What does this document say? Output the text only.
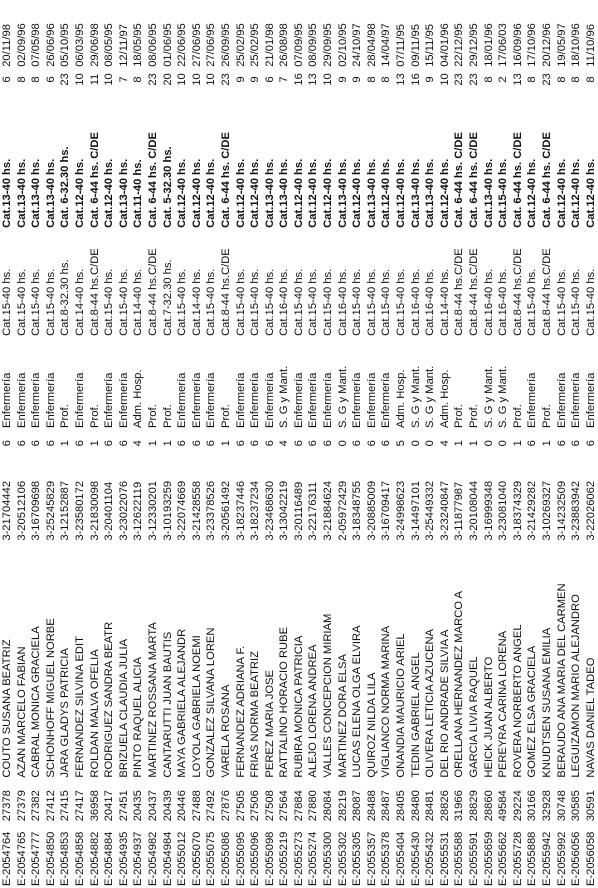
E-20	54764	27378	COUTO SUSANA BEATRIZ	3-21704442	6	Enfermería	Cat.15-40 hs.	Cat.13-40 hs.	6	20/11/98
E-20	54765	27379	AZAN MARCELO FABIAN	3-20512106	6	Enfermería	Cat.15-40 hs.	Cat.13-40 hs.	8	02/09/96
E-20	54777	27382	CABRAL MONICA GRACIELA	3-16709698	6	Enfermería	Cat.15-40 hs.	Cat.13-40 hs.	8	07/05/98
E-20	54850	27412	SCHONHOFF MIGUEL NORBE	3-25245829	6	Enfermería	Cat.15-40 hs.	Cat.13-40 hs.	6	26/06/96
E-20	54853	27415	JARA GLADYS PATRICIA	3-12152887	1	Prof.	Cat.8-32.30 hs.	Cat. 6-32.30 hs.	23	05/10/95
E-20	54858	27417	FERNANDEZ SILVINA EDIT	3-23580172	6	Enfermería	Cat.14-40 hs.	Cat.12-40 hs.	10	06/03/95
E-20	54882	36958	ROLDAN MALVA OFELIA	3-21830098	1	Prof.	Cat.8-44 hs.C/DE	Cat. 6-44 hs. C/DE	11	29/06/98
E-20	54884	20417	RODRIGUEZ SANDRA BEATR	3-20401104	6	Enfermería	Cat.15-40 hs.	Cat.12-40 hs.	10	08/05/95
E-20	54935	27451	BRIZUELA CLAUDIA JULIA	3-23022076	6	Enfermería	Cat.15-40 hs.	Cat.13-40 hs.	7	12/11/97
E-20	54937	20435	PINTO RAQUEL ALICIA	3-12622119	4	Adm. Hosp.	Cat.14-40 hs.	Cat.11-40 hs.	8	18/05/95
E-20	54982	20437	MARTINEZ ROSSANA MARTA	3-12330201	1	Prof.	Cat.8-44 hs.C/DE	Cat. 6-44 hs. C/DE	23	08/06/95
E-20	54984	20439	CANTARUTTI JUAN BAUTIS	3-10193259	1	Prof.	Cat.7-32.30 hs.	Cat. 5-32.30 hs.	20	01/06/95
E-20	55012	20446	MAYA GABRIELA ALEJANDR	3-22074669	6	Enfermería	Cat.15-40 hs.	Cat.12-40 hs.	10	22/06/95
E-20	55070	27488	LOYOLA GABRIELA NOEMI	3-21428558	6	Enfermería	Cat.14-40 hs.	Cat.12-40 hs.	10	27/06/95
E-20	55075	27492	GONZALEZ SILVANA LOREN	3-23378526	6	Enfermería	Cat.15-40 hs.	Cat.12-40 hs.	10	27/06/95
E-20	55086	27876	VARELA ROSANA	3-20561492	1	Prof.	Cat.8-44 hs.C/DE	Cat. 6-44 hs. C/DE	23	26/09/95
E-20	55095	27505	FERNANDEZ ADRIANA F.	3-18237446	6	Enfermería	Cat.15-40 hs.	Cat.12-40 hs.	9	25/02/95
E-20	55096	27506	FRIAS NORMA BEATRIZ	3-18237234	6	Enfermería	Cat.15-40 hs.	Cat.12-40 hs.	9	25/02/95
E-20	55098	27508	PEREZ MARIA JOSE	3-23468630	6	Enfermería	Cat.15-40 hs.	Cat.13-40 hs.	6	21/01/98
E-20	55219	27564	RATTALINO HORACIO RUBE	3-13042219	4	S. G y Mant.	Cat.16-40 hs.	Cat.13-40 hs.	7	26/08/98
E-20	55273	27884	RUBIRA MONICA PATRICIA	3-20116489	6	Enfermería	Cat.15-40 hs.	Cat.12-40 hs.	16	07/09/95
E-20	55274	27880	ALEJO LORENA ANDREA	3-22176311	6	Enfermería	Cat.15-40 hs.	Cat.12-40 hs.	13	08/09/95
E-20	55300	28084	VALLES CONCEPCION MIRIAM	3-21884624	6	Enfermería	Cat.15-40 hs.	Cat.12-40 hs.	10	29/09/95
E-20	55302	28219	MARTINEZ DORA ELSA	2-05972429	0	S. G y Mant.	Cat.16-40 hs.	Cat.13-40 hs.	9	02/10/95
E-20	55305	28087	LUCAS ELENA OLGA ELVIRA	3-18348755	6	Enfermería	Cat.15-40 hs.	Cat.12-40 hs.	9	24/10/97
E-20	55357	28488	QUIROZ NILDA LILA	3-20885009	6	Enfermería	Cat.15-40 hs.	Cat.13-40 hs.	8	28/04/98
E-20	55378	28487	VIGLIANCO NORMA MARINA	3-16709417	6	Enfermería	Cat.15-40 hs.	Cat.12-40 hs.	8	14/04/97
E-20	55404	28405	ONANDIA MAURICIO ARIEL	3-24998623	5	Adm. Hosp.	Cat.15-40 hs.	Cat.12-40 hs.	13	07/11/95
E-20	55430	28480	TEDIN GABRIEL ANGEL	3-14497101	0	S. G y Mant.	Cat.16-40 hs.	Cat.13-40 hs.	16	09/11/95
E-20	55432	28481	OLIVERA LETICIA AZUCENA	3-25449332	0	S. G y Mant.	Cat.16-40 hs.	Cat.13-40 hs.	9	15/11/95
E-20	55531	28826	DEL RIO ANDRADE SILVIA A	3-23240847	4	Adm. Hosp.	Cat.14-40 hs.	Cat.12-40 hs.	10	04/01/96
E-20	55588	31966	ORELLANA HERNANDEZ MARCO A	3-11877987	1	Prof.	Cat.8-44 hs.C/DE	Cat. 6-44 hs. C/DE	23	22/12/95
E-20	55591	28829	GARCIA LIVIA RAQUEL	3-20108044	1	Prof.	Cat.8-44 hs.C/DE	Cat. 6-44 hs. C/DE	23	29/12/95
E-20	55659	28860	HEICK JUAN ALBERTO	3-16999348	0	S. G y Mant.	Cat.16-40 hs.	Cat.13-40 hs.	8	18/01/96
E-20	55662	49584	PEREYRA CARINA LORENA	3-23081040	0	S. G y Mant.	Cat.16-40 hs.	Cat.15-40 hs.	2	17/06/03
E-20	55728	29224	ROVERA NORBERTO ANGEL	3-18374329	1	Prof.	Cat.8-44 hs.C/DE	Cat. 6-44 hs. C/DE	13	16/09/96
E-20	55888	30166	GOMEZ ELSA GRACIELA	3-21429282	6	Enfermería	Cat.15-40 hs.	Cat.12-40 hs.	8	17/10/96
E-20	55942	32928	KNUDTSEN SUSANA EMILIA	3-10269327	1	Prof.	Cat.8-44 hs.C/DE	Cat. 6-44 hs. C/DE	23	20/12/96
E-20	55992	30748	BERAUDO ANA MARIA DEL CARMEN	3-14232509	6	Enfermería	Cat.15-40 hs.	Cat.12-40 hs.	8	19/05/97
E-20	56056	30585	LEGUIZAMON MARIO ALEJANDRO	3-23883942	6	Enfermería	Cat.15-40 hs.	Cat.12-40 hs.	8	18/10/96
E-20	56058	30591	NAVAS DANIEL TADEO	3-22026062	6	Enfermería	Cat.15-40 hs.	Cat.12-40 hs.	8	11/10/96
